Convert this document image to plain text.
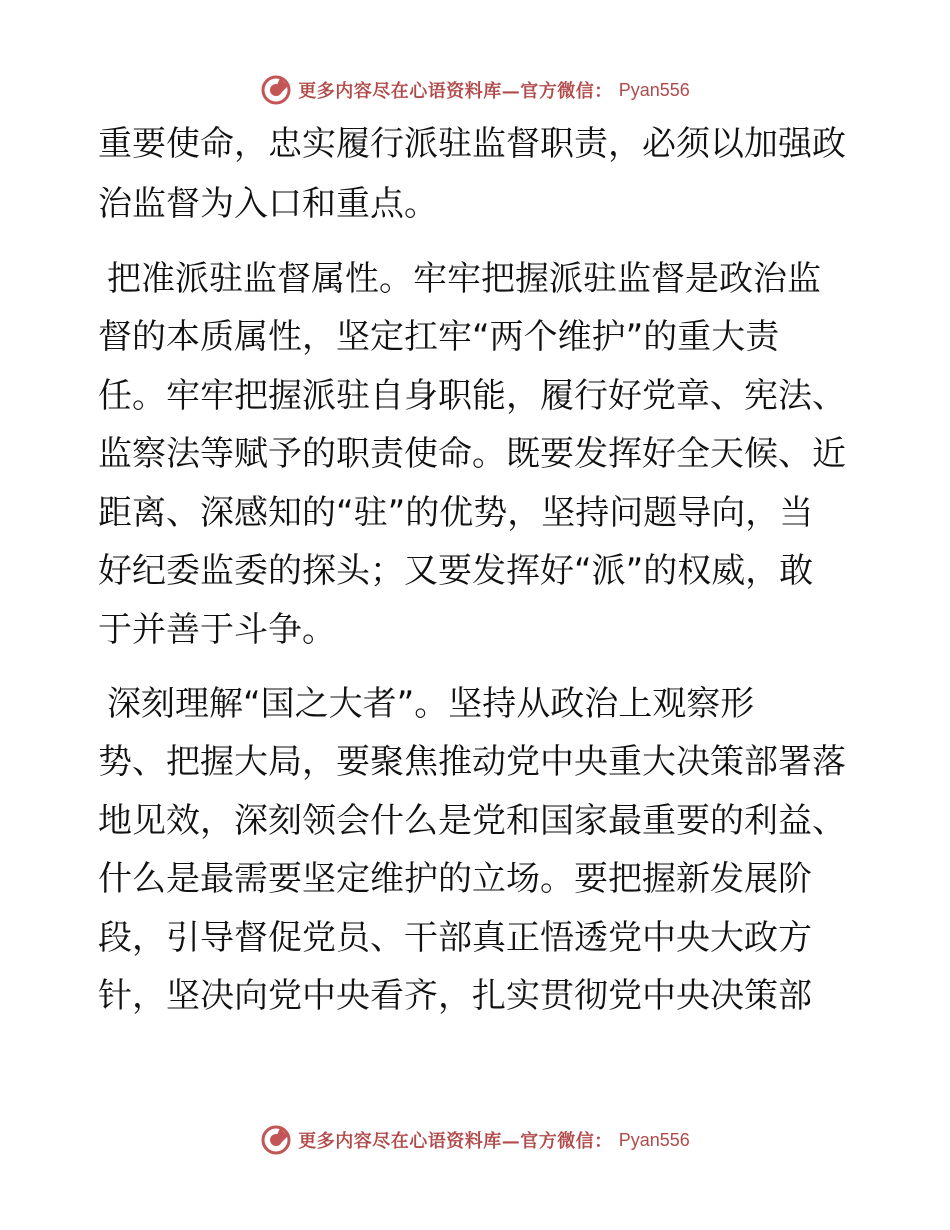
更多内容尽在心语资料库—官方微信： Pyan556
重要使命，忠实履行派驻监督职责，必须以加强政
治监督为入口和重点。
把准派驻监督属性。牢牢把握派驻监督是政治监
督的本质属性，坚定扛牢“两个维护”的重大责
任。牢牢把握派驻自身职能，履行好党章、宪法、
监察法等赋予的职责使命。既要发挥好全天候、近
距离、深感知的“驻”的优势，坚持问题导向，当
好纪委监委的探头；又要发挥好“派”的权威，敢
于并善于斗争。
深刻理解“国之大者”。坚持从政治上观察形
势、把握大局，要聚焦推动党中央重大决策部署落
地见效，深刻领会什么是党和国家最重要的利益、
什么是最需要坚定维护的立场。要把握新发展阶
段，引导督促党员、干部真正悟透党中央大政方
针，坚决向党中央看齐，扎实贯彻党中央决策部
更多内容尽在心语资料库—官方微信： Pyan556
